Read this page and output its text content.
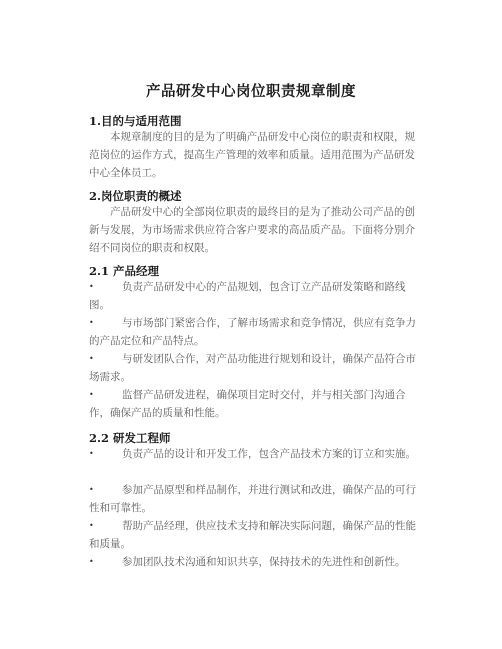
产品研发中心岗位职责规章制度
1.目的与适用范围
本规章制度的目的是为了明确产品研发中心岗位的职责和权限，规范岗位的运作方式，提高生产管理的效率和质量。适用范围为产品研发中心全体员工。
2.岗位职责的概述
产品研发中心的全部岗位职责的最终目的是为了推动公司产品的创新与发展，为市场需求供应符合客户要求的高品质产品。下面将分别介绍不同岗位的职责和权限。
2.1 产品经理
•	负责产品研发中心的产品规划，包含订立产品研发策略和路线图。
•	与市场部门紧密合作，了解市场需求和竞争情况，供应有竞争力的产品定位和产品特点。
•	与研发团队合作，对产品功能进行规划和设计，确保产品符合市场需求。
•	监督产品研发进程，确保项目定时交付，并与相关部门沟通合作，确保产品的质量和性能。
2.2 研发工程师
•	负责产品的设计和开发工作，包含产品技术方案的订立和实施。
•	参加产品原型和样品制作，并进行测试和改进，确保产品的可行性和可靠性。
•	帮助产品经理，供应技术支持和解决实际问题，确保产品的性能和质量。
•	参加团队技术沟通和知识共享，保持技术的先进性和创新性。
